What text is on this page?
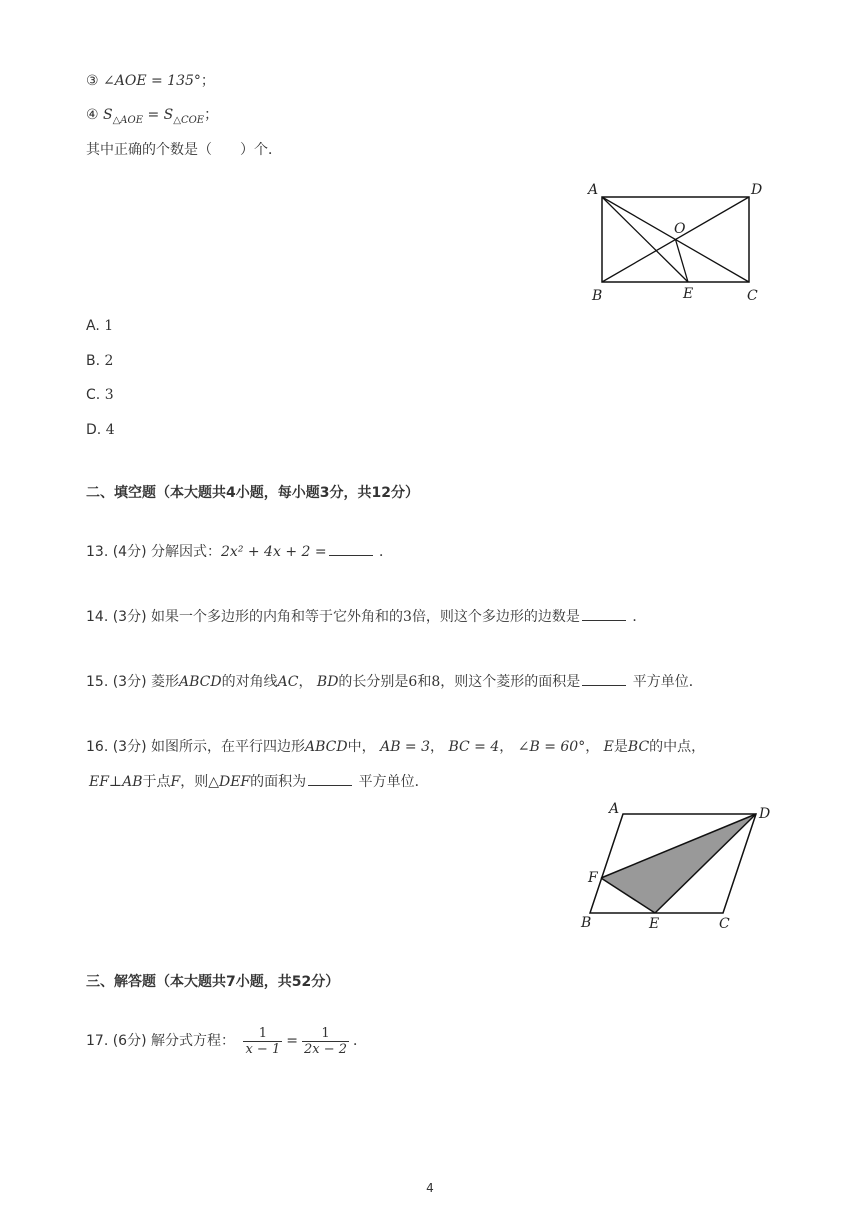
③ ∠AOE = 135°；
④ $S_{\triangle AOE} = S_{\triangle COE}$；
其中正确的个数是（　　）个．
A	D
O
B	E	C
A. 1
B. 2
C. 3
D. 4
二、填空题（本大题共4小题，每小题3分，共12分）
13. (4分) 分解因式：2x² + 4x + 2 =	．
14. (3分) 如果一个多边形的内角和等于它外角和的3倍，则这个多边形的边数是	．
15. (3分) 菱形ABCD的对角线AC， BD的长分别是6和8，则这个菱形的面积是	平方单位．
16. (3分) 如图所示，在平行四边形ABCD中， AB = 3， BC = 4， ∠B = 60°， E是BC的中点，
EF⊥AB于点F，则△DEF的面积为	平方单位．
A	D
F
B	E	C
三、解答题（本大题共7小题，共52分）
17. (6分) 解分式方程： $\frac{1}{x - 1} = \frac{1}{2x - 2}$ ．
4
